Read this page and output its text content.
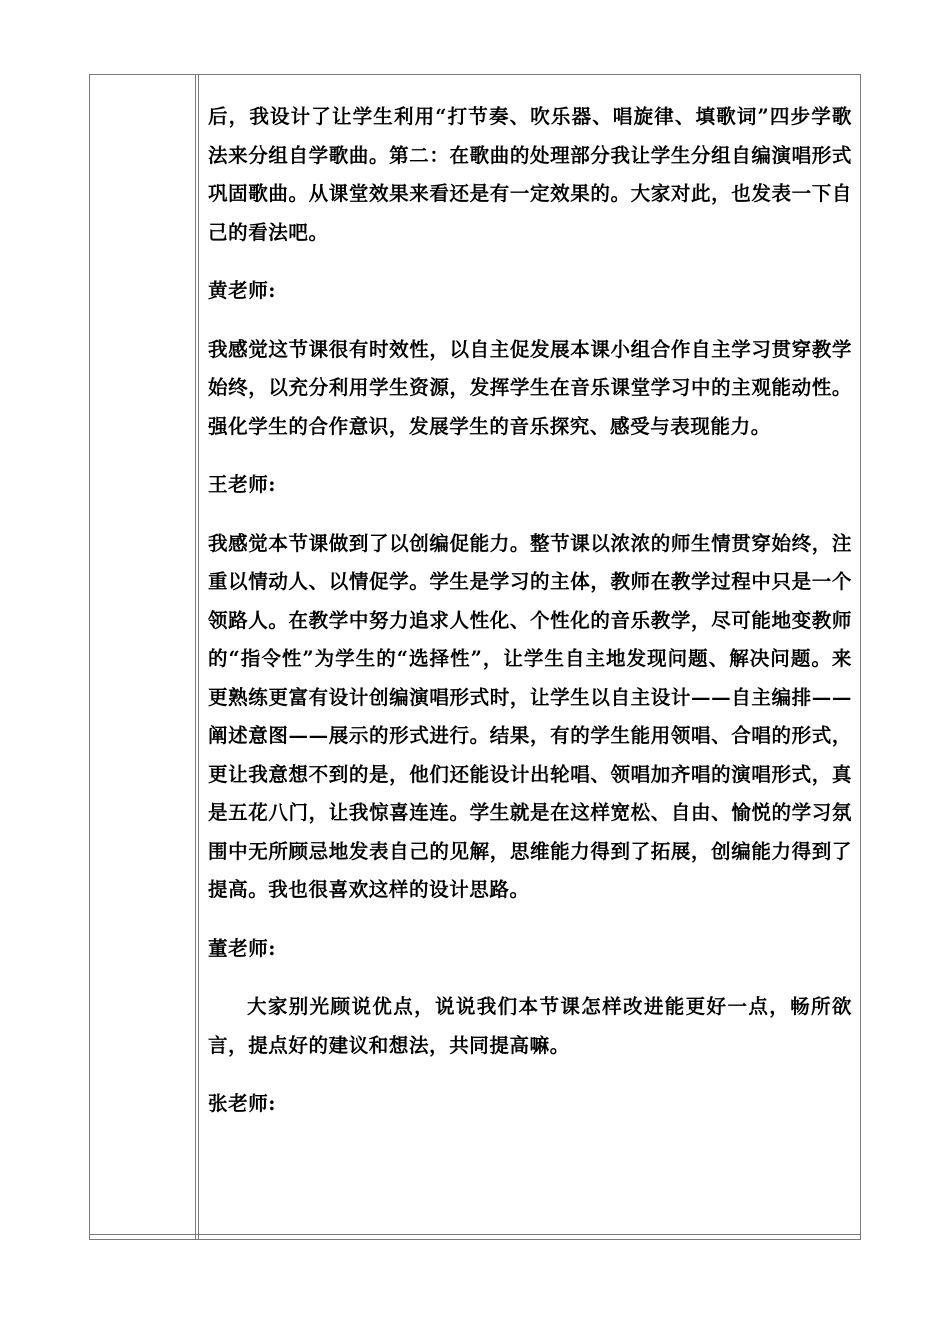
后，我设计了让学生利用“打节奏、吹乐器、唱旋律、填歌词”四步学歌法来分组自学歌曲。第二：在歌曲的处理部分我让学生分组自编演唱形式巩固歌曲。从课堂效果来看还是有一定效果的。大家对此，也发表一下自己的看法吧。

黄老师:

我感觉这节课很有时效性，以自主促发展本课小组合作自主学习贯穿教学始终，以充分利用学生资源，发挥学生在音乐课堂学习中的主观能动性。强化学生的合作意识，发展学生的音乐探究、感受与表现能力。

王老师:

我感觉本节课做到了以创编促能力。整节课以浓浓的师生情贯穿始终，注重以情动人、以情促学。学生是学习的主体，教师在教学过程中只是一个领路人。在教学中努力追求人性化、个性化的音乐教学，尽可能地变教师的“指令性”为学生的“选择性”，让学生自主地发现问题、解决问题。来更熟练更富有设计创编演唱形式时，让学生以自主设计——自主编排——阐述意图——展示的形式进行。结果，有的学生能用领唱、合唱的形式，更让我意想不到的是，他们还能设计出轮唱、领唱加齐唱的演唱形式，真是五花八门，让我惊喜连连。学生就是在这样宽松、自由、愉悦的学习氛围中无所顾忌地发表自己的见解，思维能力得到了拓展，创编能力得到了提高。我也很喜欢这样的设计思路。

董老师:

大家别光顾说优点，说说我们本节课怎样改进能更好一点，畅所欲言，提点好的建议和想法，共同提高嘛。

张老师:
